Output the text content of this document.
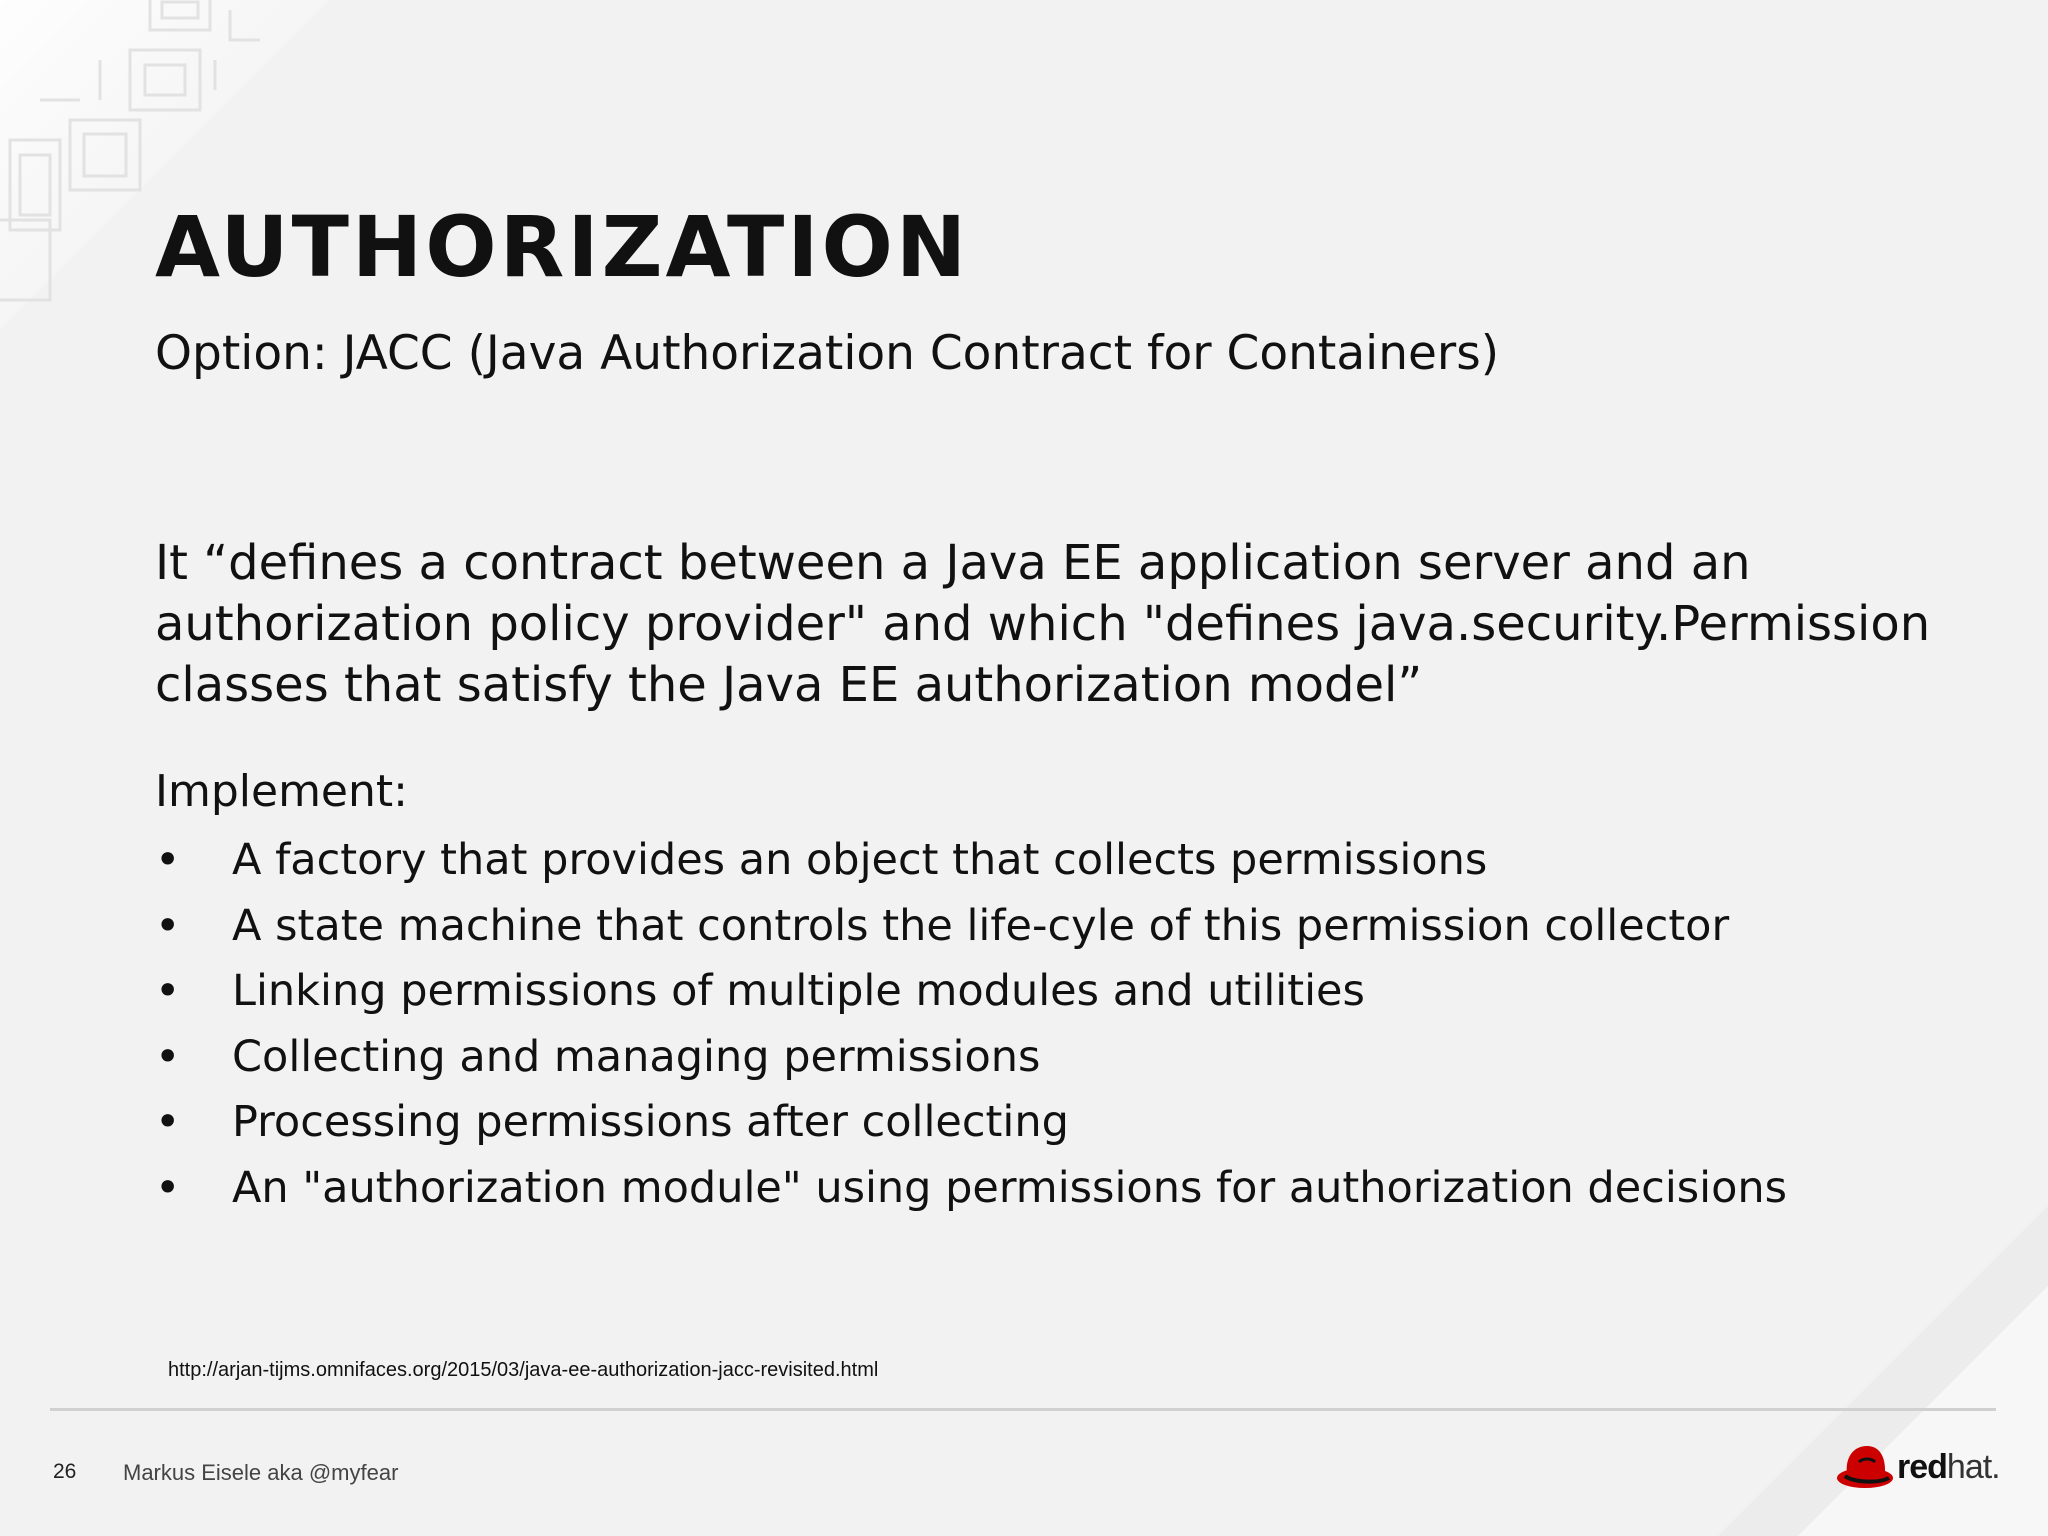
AUTHORIZATION
Option: JACC (Java Authorization Contract for Containers)
It “defines a contract between a Java EE application server and an
authorization policy provider" and which "defines java.security.Permission
classes that satisfy the Java EE authorization model”
Implement:
• A factory that provides an object that collects permissions
• A state machine that controls the life-cyle of this permission collector
• Linking permissions of multiple modules and utilities
• Collecting and managing permissions
• Processing permissions after collecting
• An "authorization module" using permissions for authorization decisions
http://arjan-tijms.omnifaces.org/2015/03/java-ee-authorization-jacc-revisited.html
26 Markus Eisele aka @myfear	redhat.
